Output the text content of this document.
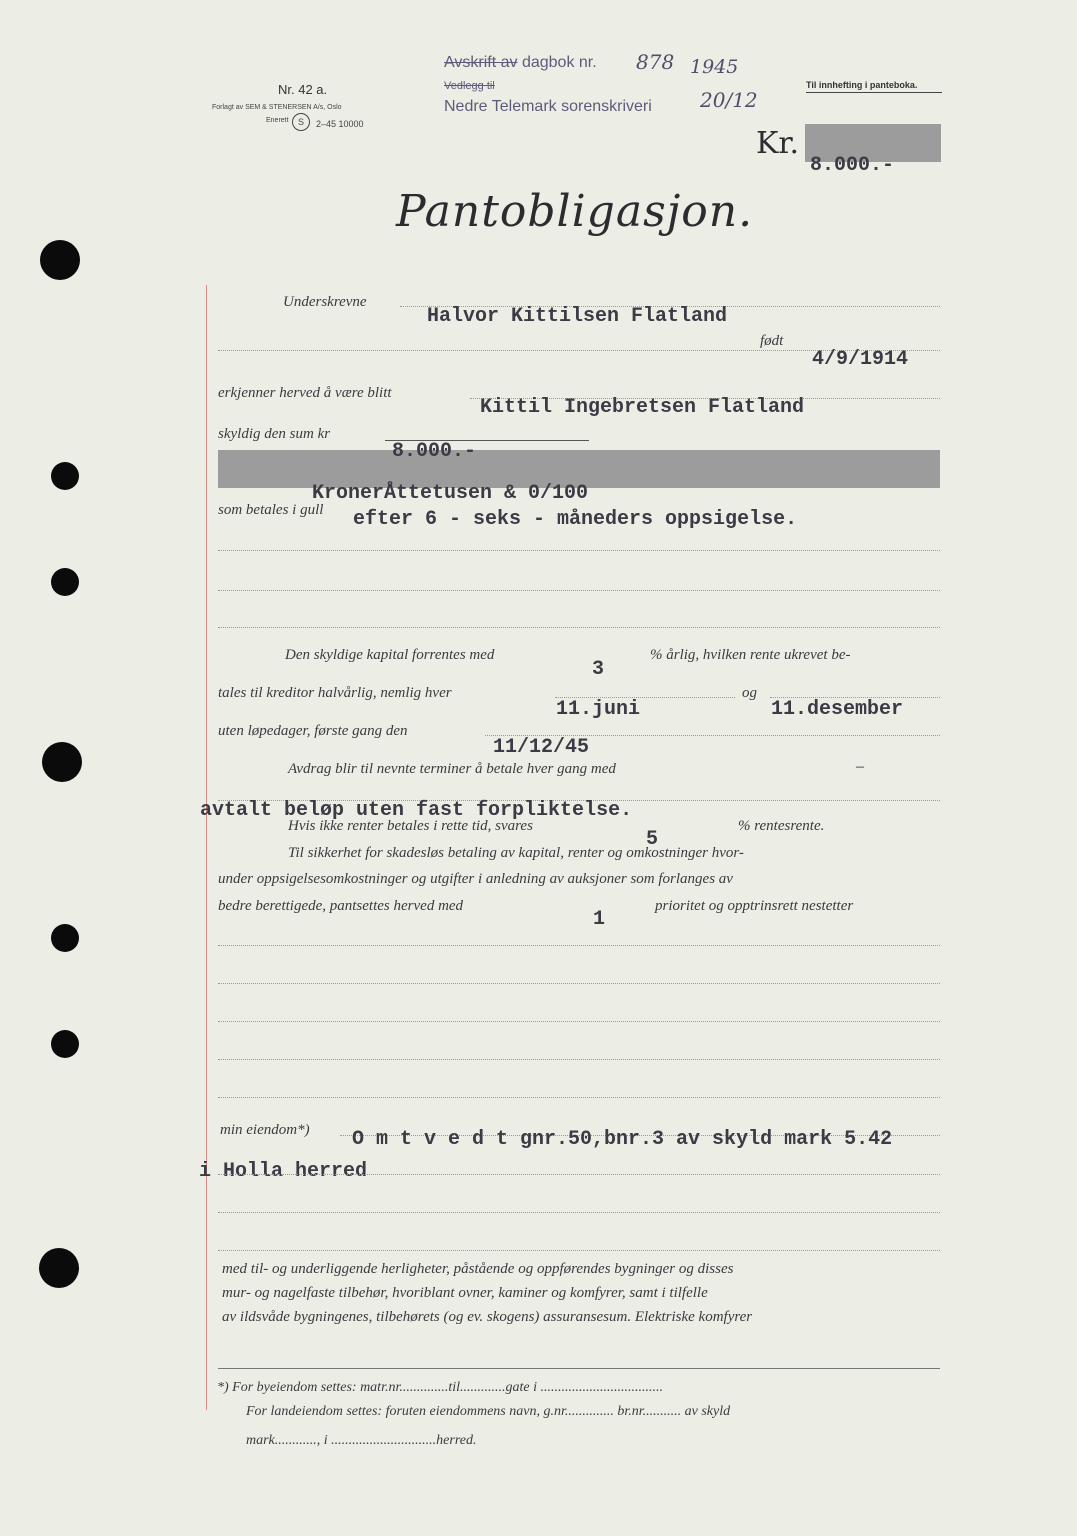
Nr. 42 a.
Forlagt av SEM & STENERSEN A/s, Oslo
Enerett	S	2–45 10000
Avskrift av dagbok nr. 878 1945
Vedlegg til
Nedre Telemark sorenskriveri 20/12
Til innhefting i panteboka.
Kr.
8.000.-
Pantobligasjon.
Underskrevne
Halvor Kittilsen Flatland
født
4/9/1914
erkjenner herved å være blitt
Kittil Ingebretsen Flatland
skyldig den sum kr
8.000.-
KronerÅttetusen & 0/100
som betales i gull efter 6 - seks - måneders oppsigelse.
Den skyldige kapital forrentes med
3
% årlig, hvilken rente ukrevet be-
tales til kreditor halvårlig, nemlig hver
11.juni
og
11.desember
uten løpedager, første gang den
11/12/45
Avdrag blir til nevnte terminer å betale hver gang med	–
avtalt beløp uten fast forpliktelse.
Hvis ikke renter betales i rette tid, svares
5
% rentesrente.
Til sikkerhet for skadesløs betaling av kapital, renter og omkostninger hvor-
under oppsigelsesomkostninger og utgifter i anledning av auksjoner som forlanges av
bedre berettigede, pantsettes herved med
1
prioritet og opptrinsrett nestetter
min eiendom*) O m t v e d t gnr.50,bnr.3 av skyld mark 5.42
i Holla herred
med til- og underliggende herligheter, påstående og oppførendes bygninger og disses
mur- og nagelfaste tilbehør, hvoriblant ovner, kaminer og komfyrer, samt i tilfelle
av ildsvåde bygningenes, tilbehørets (og ev. skogens) assuransesum. Elektriske komfyrer
*) For byeiendom settes: matr.nr..............til.............gate i ...................................
For landeiendom settes: foruten eiendommens navn, g.nr.............. br.nr........... av skyld
mark............, i ..............................herred.
